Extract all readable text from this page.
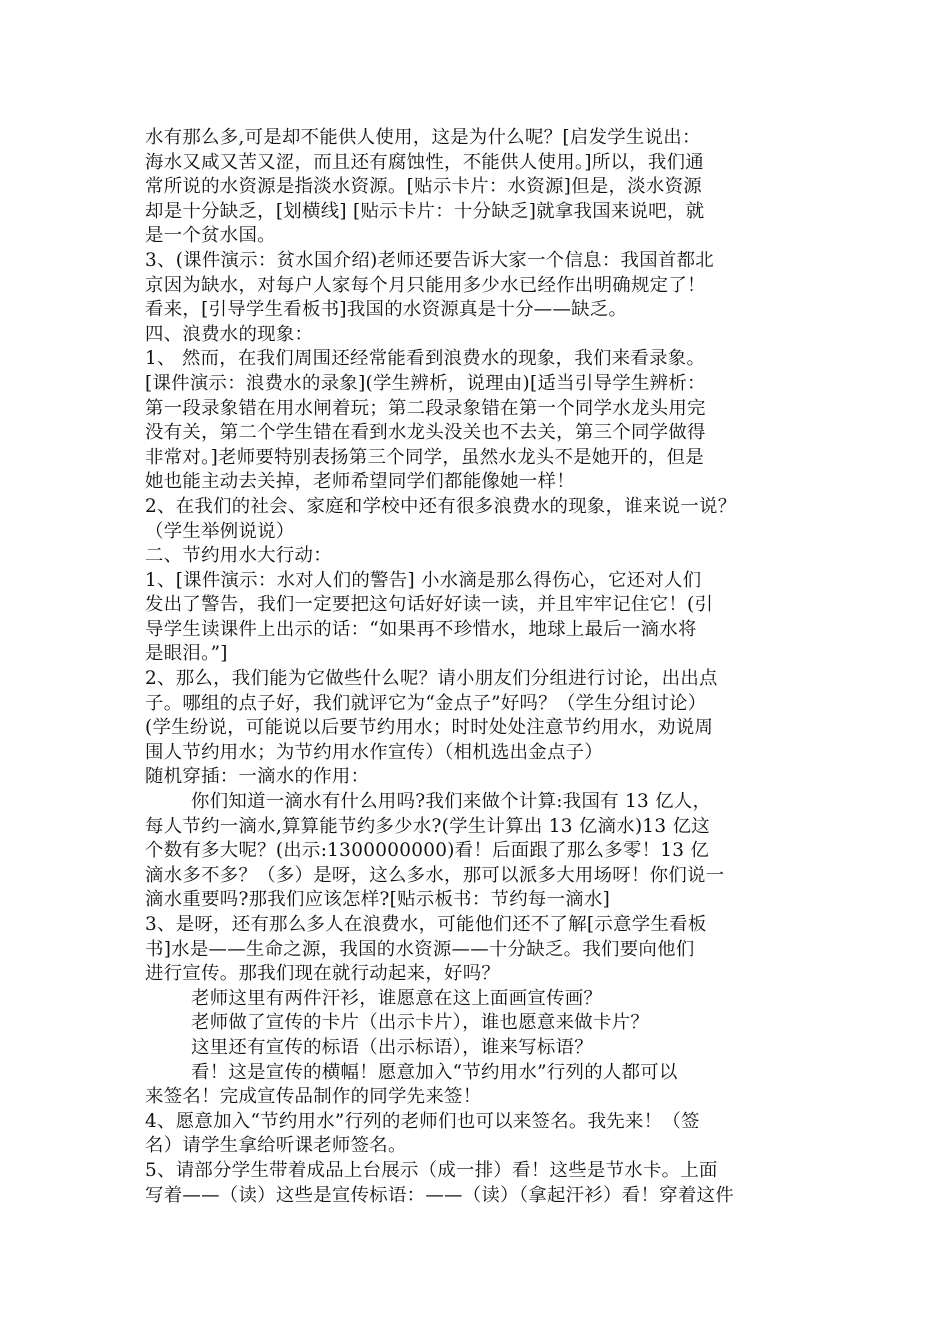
水有那么多,可是却不能供人使用，这是为什么呢？[启发学生说出：
海水又咸又苦又涩，而且还有腐蚀性，不能供人使用。]所以，我们通
常所说的水资源是指淡水资源。[贴示卡片：水资源]但是，淡水资源
却是十分缺乏，[划横线] [贴示卡片：十分缺乏]就拿我国来说吧，就
是一个贫水国。
3、(课件演示：贫水国介绍)老师还要告诉大家一个信息：我国首都北
京因为缺水，对每户人家每个月只能用多少水已经作出明确规定了！
看来，[引导学生看板书]我国的水资源真是十分——缺乏。
四、浪费水的现象：
1、 然而，在我们周围还经常能看到浪费水的现象，我们来看录象。
[课件演示：浪费水的录象](学生辨析，说理由)[适当引导学生辨析：
第一段录象错在用水闸着玩；第二段录象错在第一个同学水龙头用完
没有关，第二个学生错在看到水龙头没关也不去关，第三个同学做得
非常对。]老师要特别表扬第三个同学，虽然水龙头不是她开的，但是
她也能主动去关掉，老师希望同学们都能像她一样！
2、在我们的社会、家庭和学校中还有很多浪费水的现象，谁来说一说？
（学生举例说说）
二、节约用水大行动：
1、[课件演示：水对人们的警告] 小水滴是那么得伤心，它还对人们
发出了警告，我们一定要把这句话好好读一读，并且牢牢记住它！(引
导学生读课件上出示的话：“如果再不珍惜水，地球上最后一滴水将
是眼泪。”]
2、那么，我们能为它做些什么呢？请小朋友们分组进行讨论，出出点
子。哪组的点子好，我们就评它为“金点子”好吗？（学生分组讨论）
(学生纷说，可能说以后要节约用水；时时处处注意节约用水，劝说周
围人节约用水；为节约用水作宣传）（相机选出金点子）
随机穿插：一滴水的作用：
你们知道一滴水有什么用吗?我们来做个计算:我国有 13 亿人，
每人节约一滴水,算算能节约多少水?(学生计算出 13 亿滴水)13 亿这
个数有多大呢？(出示:1300000000)看！后面跟了那么多零！13 亿
滴水多不多？（多）是呀，这么多水，那可以派多大用场呀！你们说一
滴水重要吗?那我们应该怎样?[贴示板书：节约每一滴水]
3、是呀，还有那么多人在浪费水，可能他们还不了解[示意学生看板
书]水是——生命之源，我国的水资源——十分缺乏。我们要向他们
进行宣传。那我们现在就行动起来，好吗？
老师这里有两件汗衫，谁愿意在这上面画宣传画？
老师做了宣传的卡片（出示卡片），谁也愿意来做卡片？
这里还有宣传的标语（出示标语），谁来写标语？
看！这是宣传的横幅！愿意加入“节约用水”行列的人都可以
来签名！完成宣传品制作的同学先来签！
4、愿意加入“节约用水”行列的老师们也可以来签名。我先来！（签
名）请学生拿给听课老师签名。
5、请部分学生带着成品上台展示（成一排）看！这些是节水卡。上面
写着——（读）这些是宣传标语：——（读）（拿起汗衫）看！穿着这件
